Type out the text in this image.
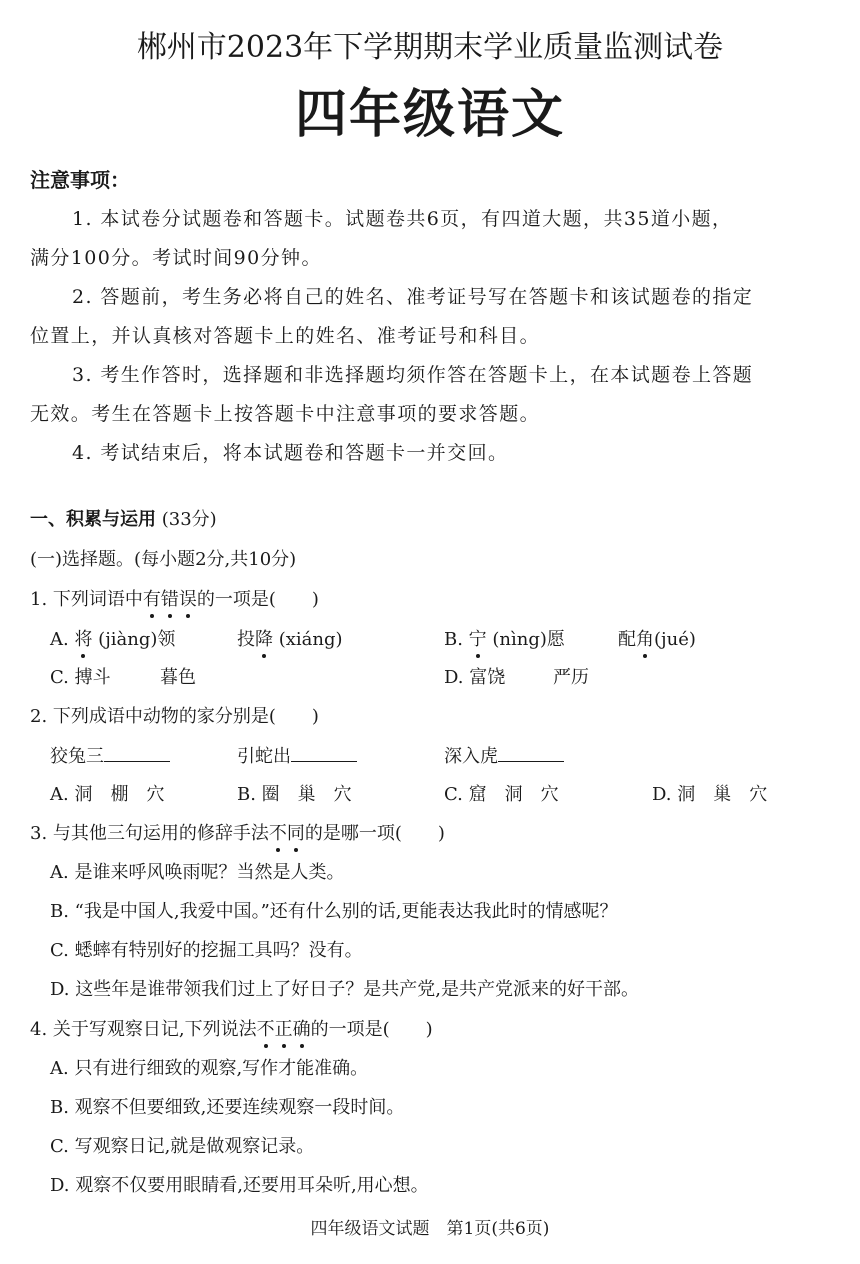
郴州市2023年下学期期末学业质量监测试卷
四年级语文
注意事项：
1. 本试卷分试题卷和答题卡。试题卷共6页，有四道大题，共35道小题，
满分100分。考试时间90分钟。
2. 答题前，考生务必将自己的姓名、准考证号写在答题卡和该试题卷的指定
位置上，并认真核对答题卡上的姓名、准考证号和科目。
3. 考生作答时，选择题和非选择题均须作答在答题卡上，在本试题卷上答题
无效。考生在答题卡上按答题卡中注意事项的要求答题。
4. 考试结束后，将本试题卷和答题卡一并交回。
一、积累与运用 (33分)
(一)选择题。(每小题2分,共10分)
1. 下列词语中有错误的一项是(　　)
A. 将 (jiàng)领	投降 (xiáng)	B. 宁 (nìng)愿	配角(jué)
C. 搏斗	暮色	D. 富饶	严历
2. 下列成语中动物的家分别是(　　)
狡兔三	引蛇出	深入虎
A. 洞　棚　穴	B. 圈　巢　穴	C. 窟　洞　穴	D. 洞　巢　穴
3. 与其他三句运用的修辞手法不同的是哪一项(　　)
A. 是谁来呼风唤雨呢？当然是人类。
B. “我是中国人,我爱中国。”还有什么别的话,更能表达我此时的情感呢？
C. 蟋蟀有特别好的挖掘工具吗？没有。
D. 这些年是谁带领我们过上了好日子？是共产党,是共产党派来的好干部。
4. 关于写观察日记,下列说法不正确的一项是(　　)
A. 只有进行细致的观察,写作才能准确。
B. 观察不但要细致,还要连续观察一段时间。
C. 写观察日记,就是做观察记录。
D. 观察不仅要用眼睛看,还要用耳朵听,用心想。
四年级语文试题　第1页(共6页)
